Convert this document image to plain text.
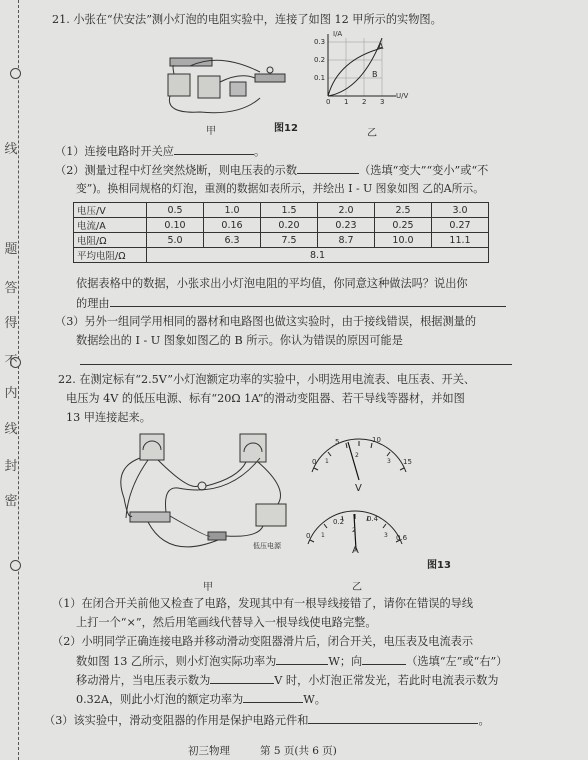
线
题
答
得
不
内
线
封
密
21. 小张在“伏安法”测小灯泡的电阻实验中，连接了如图 12 甲所示的实物图。
甲	图12
I/A
U/V
0.3
0.2
0.1
0 1 2 3
A
B
乙
（1）连接电路时开关应	。
（2）测量过程中灯丝突然烧断，则电压表的示数	（选填“变大”“变小”或“不
变”)。换相同规格的灯泡，重测的数据如表所示，并绘出 I - U 图象如图 乙的A所示。
电压/V	0.5	1.0	1.5	2.0	2.5	3.0
电流/A	0.10	0.16	0.20	0.23	0.25	0.27
电阻/Ω	5.0	6.3	7.5	8.7	10.0	11.1
平均电阻/Ω	8.1					
依据表格中的数据，小张求出小灯泡电阻的平均值，你同意这种做法吗？说出你
的理由
（3）另外一组同学用相同的器材和电路图也做这实验时，由于接线错误，根据测量的
数据绘出的 I - U 图象如图乙的 B 所示。你认为错误的原因可能是
22. 在测定标有“2.5V”小灯泡额定功率的实验中，小明选用电流表、电压表、开关、
电压为 4V 的低压电源、标有“20Ω 1A”的滑动变阻器、若干导线等器材，并如图
13 甲连接起来。
低压电源
甲
0
5	10
15
1
2
3
V
0
0.2	0.4
0.6
1
2
3
A
图13
乙
（1）在闭合开关前他又检查了电路，发现其中有一根导线接错了，请你在错误的导线
上打一个“×”，然后用笔画线代替导入一根导线使电路完整。
（2）小明同学正确连接电路并移动滑动变阻器滑片后，闭合开关，电压表及电流表示
数如图 13 乙所示，则小灯泡实际功率为	W；向	（选填“左”或“右”）
移动滑片，当电压表示数为	V 时，小灯泡正常发光，若此时电流表示数为
0.32A，则此小灯泡的额定功率为	W。
（3）该实验中，滑动变阻器的作用是保护电路元件和	。
初三物理	第 5 页(共 6 页)
